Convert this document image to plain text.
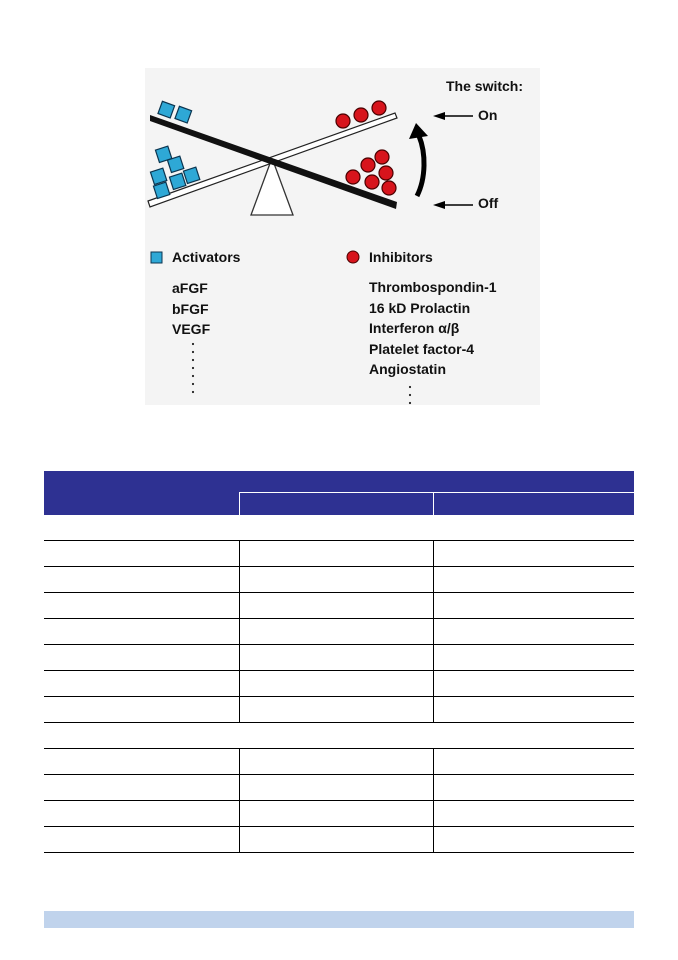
The switch:
On
Off
Activators	Inhibitors
aFGF
bFGF
VEGF
Thrombospondin-1
16 kD Prolactin
Interferon α/β
Platelet factor-4
Angiostatin
